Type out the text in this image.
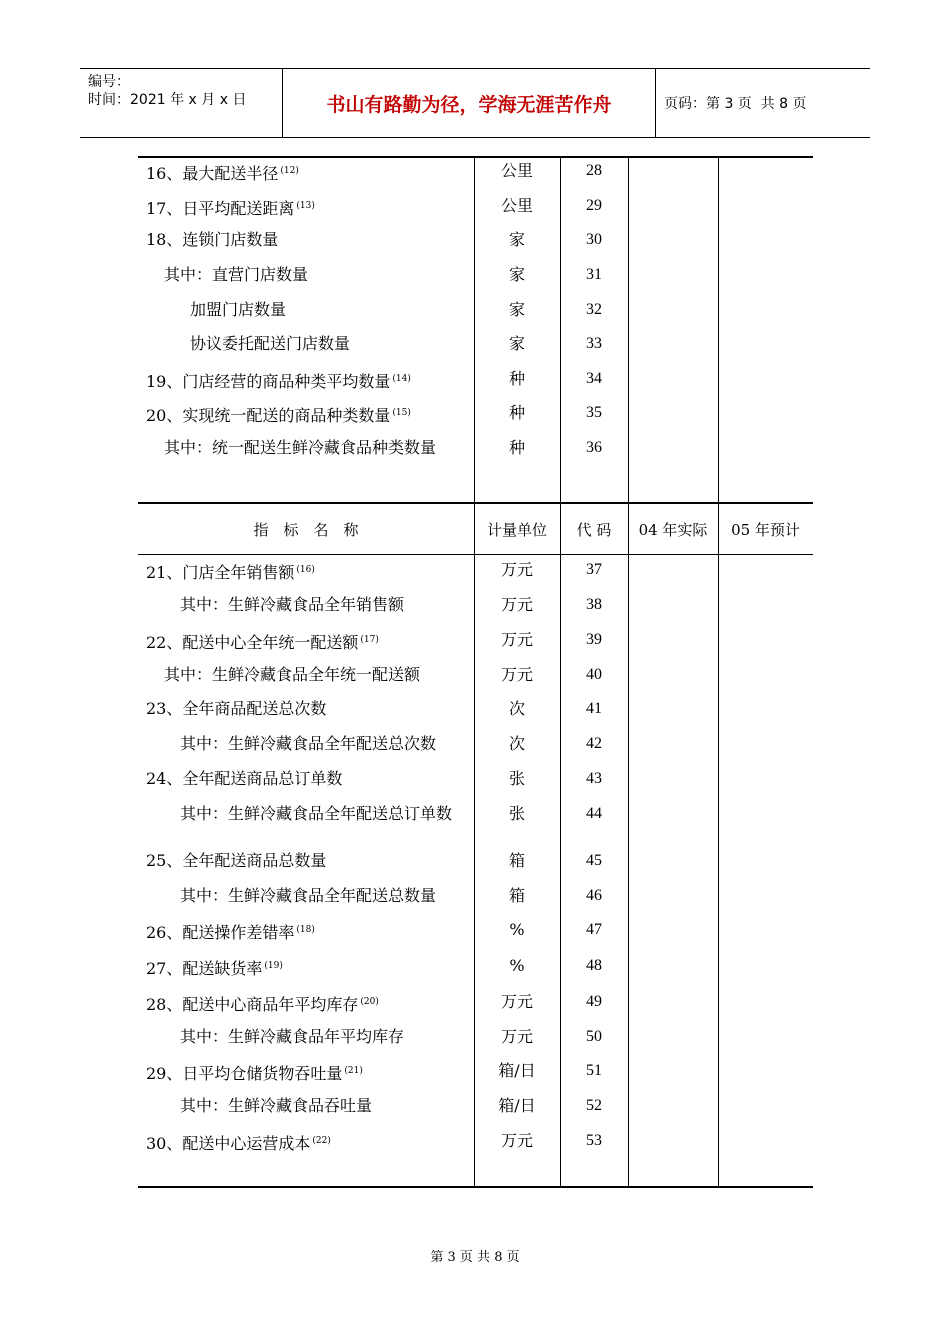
编号：
时间：2021 年 x 月 x 日	书山有路勤为径，学海无涯苦作舟	页码：第 3 页  共 8 页
16、最大配送半径 $^{(12)}$	公里	28
17、日平均配送距离 $^{(13)}$	公里	29
18、连锁门店数量	家	30
其中：直营门店数量	家	31
加盟门店数量	家	32
协议委托配送门店数量	家	33
19、门店经营的商品种类平均数量 $^{(14)}$	种	34
20、实现统一配送的商品种类数量 $^{(15)}$	种	35
其中：统一配送生鲜冷藏食品种类数量	种	36
指　标　名　称	计量单位	代 码	04 年实际	05 年预计
21、门店全年销售额 $^{(16)}$	万元	37
其中：生鲜冷藏食品全年销售额	万元	38
22、配送中心全年统一配送额 $^{(17)}$	万元	39
其中：生鲜冷藏食品全年统一配送额	万元	40
23、全年商品配送总次数	次	41
其中：生鲜冷藏食品全年配送总次数	次	42
24、全年配送商品总订单数	张	43
其中：生鲜冷藏食品全年配送总订单数	张	44
25、全年配送商品总数量	箱	45
其中：生鲜冷藏食品全年配送总数量	箱	46
26、配送操作差错率 $^{(18)}$	%	47
27、配送缺货率 $^{(19)}$	%	48
28、配送中心商品年平均库存 $^{(20)}$	万元	49
其中：生鲜冷藏食品年平均库存	万元	50
29、日平均仓储货物吞吐量 $^{(21)}$	箱/日	51
其中：生鲜冷藏食品吞吐量	箱/日	52
30、配送中心运营成本 $^{(22)}$	万元	53
第 3 页 共 8 页
